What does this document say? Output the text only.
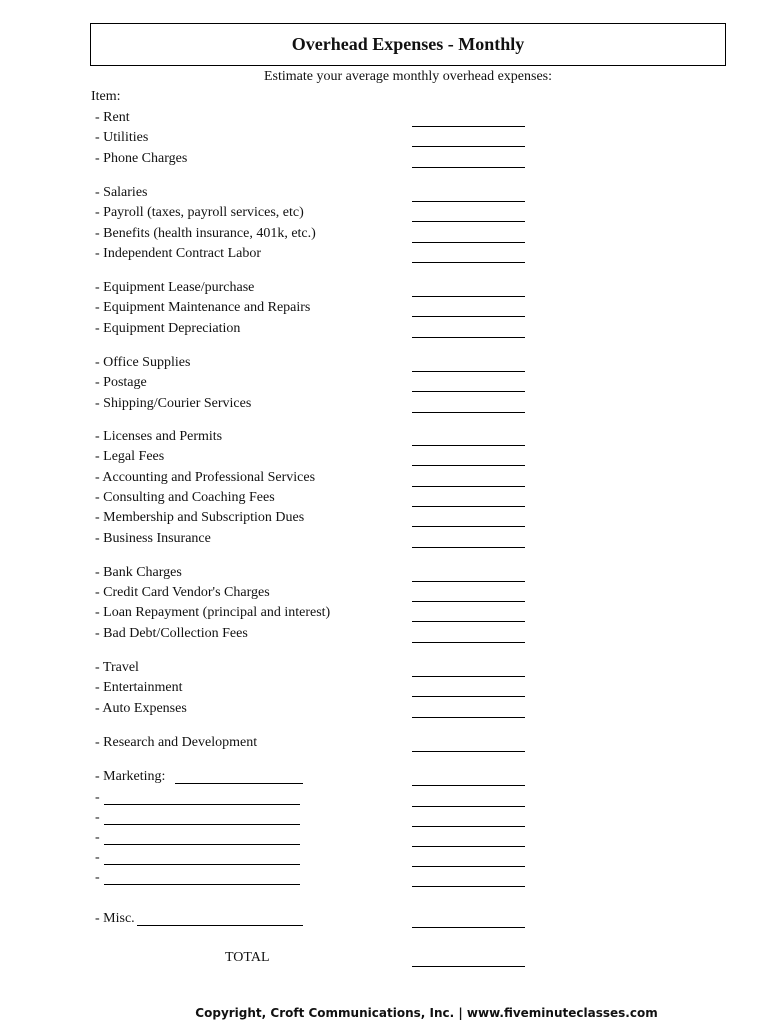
Overhead Expenses - Monthly
Estimate your average monthly overhead expenses:
Item:
- Rent
- Utilities
- Phone Charges
- Salaries
- Payroll (taxes, payroll services, etc)
- Benefits (health insurance, 401k, etc.)
- Independent Contract Labor
- Equipment Lease/purchase
- Equipment Maintenance and Repairs
- Equipment Depreciation
- Office Supplies
- Postage
- Shipping/Courier Services
- Licenses and Permits
- Legal Fees
- Accounting and Professional Services
- Consulting and Coaching Fees
- Membership and Subscription Dues
- Business Insurance
- Bank Charges
- Credit Card Vendor's Charges
- Loan Repayment (principal and interest)
- Bad Debt/Collection Fees
- Travel
- Entertainment
- Auto Expenses
- Research and Development
- Marketing:
-
-
-
-
-
- Misc.
TOTAL
Copyright, Croft Communications, Inc. | www.fiveminuteclasses.com
